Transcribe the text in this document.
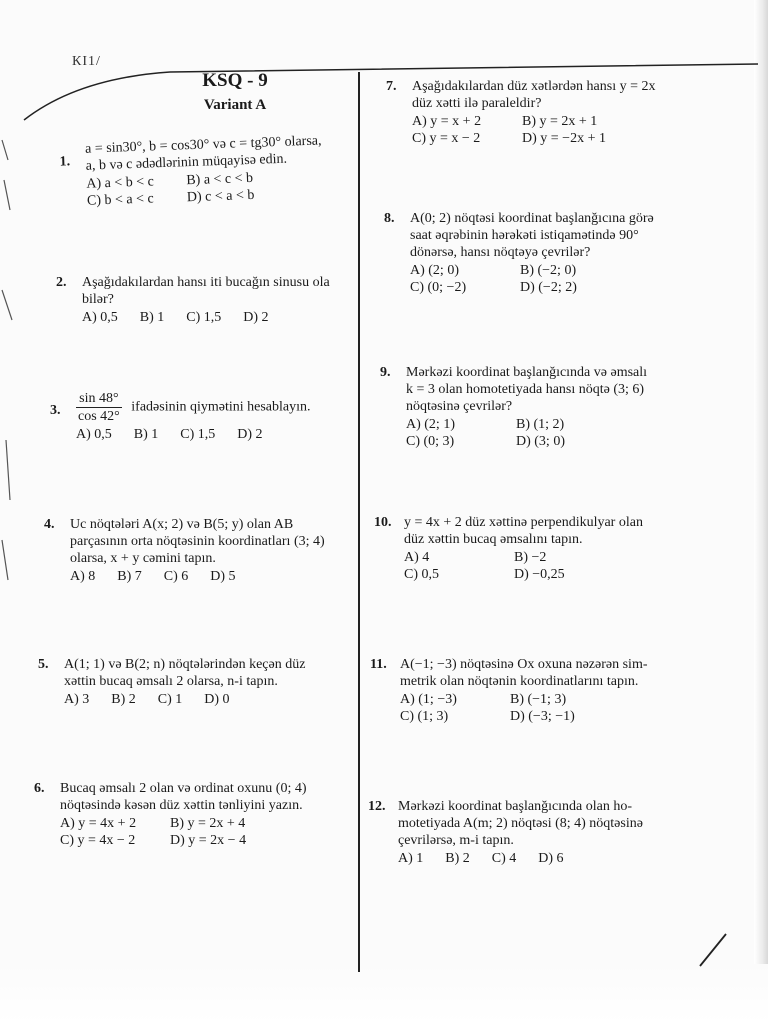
КI1/
KSQ - 9
Variant A
1.

a = sin30°, b = cos30° və c = tg30° olarsa,

a, b və c ədədlərinin müqayisə edin.

A) a < b < c	B) a < c < b
C) b < a < c	D) c < a < b
2. Aşağıdakılardan hansı iti bucağın sinusu ola

bilər?

A) 0,5 B) 1 C) 1,5 D) 2
3. $\frac{\sin 48^\circ}{\cos 42^\circ}$ ifadəsinin qiymətini hesablayın.
A) 0,5 B) 1 C) 1,5 D) 2
4. Uc nöqtələri A(x; 2) və B(5; y) olan AB

parçasının orta nöqtəsinin koordinatları (3; 4)

olarsa, x + y cəmini tapın.

A) 8 B) 7 C) 6 D) 5
5. A(1; 1) və B(2; n) nöqtələrindən keçən düz

xəttin bucaq əmsalı 2 olarsa, n-i tapın.

A) 3 B) 2 C) 1 D) 0
6. Bucaq əmsalı 2 olan və ordinat oxunu (0; 4)

nöqtəsində kəsən düz xəttin tənliyini yazın.

A) y = 4x + 2	B) y = 2x + 4
C) y = 4x − 2	D) y = 2x − 4
7. Aşağıdakılardan düz xətlərdən hansı y = 2x

düz xətti ilə paraleldir?

A) y = x + 2	B) y = 2x + 1
C) y = x − 2	D) y = −2x + 1
8. A(0; 2) nöqtəsi koordinat başlanğıcına görə

saat əqrəbinin hərəkəti istiqamətində 90°

dönərsə, hansı nöqtəyə çevrilər?

A) (2; 0)	B) (−2; 0)
C) (0; −2)	D) (−2; 2)
9. Mərkəzi koordinat başlanğıcında və əmsalı

k = 3 olan homotetiyada hansı nöqtə (3; 6)

nöqtəsinə çevrilər?

A) (2; 1)	B) (1; 2)
C) (0; 3)	D) (3; 0)
10. y = 4x + 2 düz xəttinə perpendikulyar olan

düz xəttin bucaq əmsalını tapın.

A) 4	B) −2
C) 0,5	D) −0,25
11. A(−1; −3) nöqtəsinə Ox oxuna nəzərən sim-

metrik olan nöqtənin koordinatlarını tapın.

A) (1; −3)	B) (−1; 3)
C) (1; 3)	D) (−3; −1)
12. Mərkəzi koordinat başlanğıcında olan ho-

motetiyada A(m; 2) nöqtəsi (8; 4) nöqtəsinə

çevrilərsə, m-i tapın.

A) 1 B) 2 C) 4 D) 6
